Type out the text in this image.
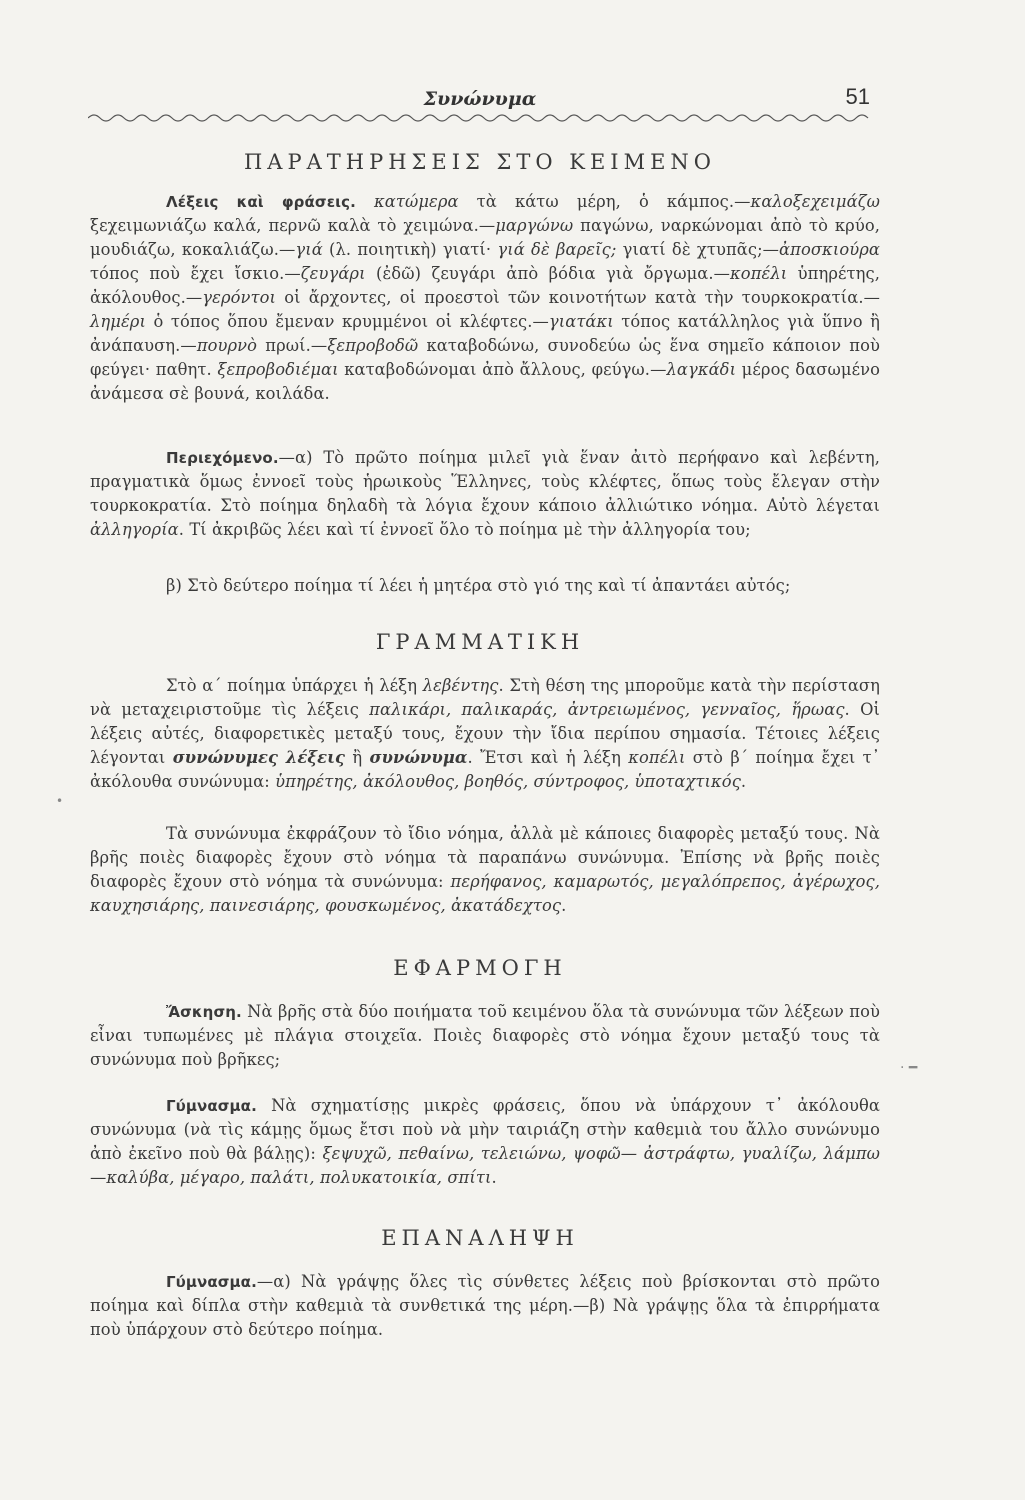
Συνώνυμα	51
ΠΑΡΑΤΗΡΗΣΕΙΣ ΣΤΟ ΚΕΙΜΕΝΟ

Λέξεις καὶ φράσεις. κατώμερα τὰ κάτω μέρη, ὁ κάμπος.—καλοξεχειμάζω ξεχειμωνιάζω καλά, περνῶ καλὰ τὸ χειμώνα.—μαργώνω παγώνω, ναρκώνομαι ἀπὸ τὸ κρύο, μουδιάζω, κοκαλιάζω.—γιά (λ. ποιητικὴ) γιατί· γιά δὲ βαρεῖς; γιατί δὲ χτυπᾶς;—ἀποσκιούρα τόπος ποὺ ἔχει ἴσκιο.—ζευγάρι (ἐδῶ) ζευγάρι ἀπὸ βόδια γιὰ ὄργωμα.—κοπέλι ὑπηρέτης, ἀκόλουθος.—γερόντοι οἱ ἄρχοντες, οἱ προεστοὶ τῶν κοινοτήτων κατὰ τὴν τουρκοκρατία.—λημέρι ὁ τόπος ὅπου ἔμεναν κρυμμένοι οἱ κλέφτες.—γιατάκι τόπος κατάλληλος γιὰ ὕπνο ἢ ἀνάπαυση.—πουρνὸ πρωί.—ξεπροβοδῶ καταβοδώνω, συνοδεύω ὡς ἕνα σημεῖο κάποιον ποὺ φεύγει· παθητ. ξεπροβοδιέμαι καταβοδώνομαι ἀπὸ ἄλλους, φεύγω.—λαγκάδι μέρος δασωμένο ἀνάμεσα σὲ βουνά, κοιλάδα.

Περιεχόμενο.—α) Τὸ πρῶτο ποίημα μιλεῖ γιὰ ἕναν ἀιτὸ περήφανο καὶ λεβέντη, πραγματικὰ ὅμως ἐννοεῖ τοὺς ἡρωικοὺς Ἕλληνες, τοὺς κλέφτες, ὅπως τοὺς ἔλεγαν στὴν τουρκοκρατία. Στὸ ποίημα δηλαδὴ τὰ λόγια ἔχουν κάποιο ἀλλιώτικο νόημα. Αὐτὸ λέγεται ἀλληγορία. Τί ἀκριβῶς λέει καὶ τί ἐννοεῖ ὅλο τὸ ποίημα μὲ τὴν ἀλληγορία του;

β) Στὸ δεύτερο ποίημα τί λέει ἡ μητέρα στὸ γιό της καὶ τί ἀπαντάει αὐτός;

ΓΡΑΜΜΑΤΙΚΗ

Στὸ α΄ ποίημα ὑπάρχει ἡ λέξη λεβέντης. Στὴ θέση της μποροῦμε κατὰ τὴν περίσταση νὰ μεταχειριστοῦμε τὶς λέξεις παλικάρι, παλικαράς, ἀντρειωμένος, γενναῖος, ἥρωας. Οἱ λέξεις αὐτές, διαφορετικὲς μεταξύ τους, ἔχουν τὴν ἴδια περίπου σημασία. Τέτοιες λέξεις λέγονται συνώνυμες λέξεις ἢ συνώνυμα. Ἔτσι καὶ ἡ λέξη κοπέλι στὸ β΄ ποίημα ἔχει τ᾽ ἀκόλουθα συνώνυμα: ὑπηρέτης, ἀκόλουθος, βοηθός, σύντροφος, ὑποταχτικός.

Τὰ συνώνυμα ἐκφράζουν τὸ ἴδιο νόημα, ἀλλὰ μὲ κάποιες διαφορὲς μεταξύ τους. Νὰ βρῆς ποιὲς διαφορὲς ἔχουν στὸ νόημα τὰ παραπάνω συνώνυμα. Ἐπίσης νὰ βρῆς ποιὲς διαφορὲς ἔχουν στὸ νόημα τὰ συνώνυμα: περήφανος, καμαρωτός, μεγαλόπρεπος, ἀγέρωχος, καυχησιάρης, παινεσιάρης, φουσκωμένος, ἀκατάδεχτος.

ΕΦΑΡΜΟΓΗ

Ἄσκηση. Νὰ βρῆς στὰ δύο ποιήματα τοῦ κειμένου ὅλα τὰ συνώνυμα τῶν λέξεων ποὺ εἶναι τυπωμένες μὲ πλάγια στοιχεῖα. Ποιὲς διαφορὲς στὸ νόημα ἔχουν μεταξύ τους τὰ συνώνυμα ποὺ βρῆκες;

Γύμνασμα. Νὰ σχηματίσῃς μικρὲς φράσεις, ὅπου νὰ ὑπάρχουν τ᾽ ἀκόλουθα συνώνυμα (νὰ τὶς κάμῃς ὅμως ἔτσι ποὺ νὰ μὴν ταιριάζη στὴν καθεμιὰ του ἄλλο συνώνυμο ἀπὸ ἐκεῖνο ποὺ θὰ βάλῃς): ξεψυχῶ, πεθαίνω, τελειώνω, ψοφῶ— ἀστράφτω, γυαλίζω, λάμπω—καλύβα, μέγαρο, παλάτι, πολυκατοικία, σπίτι.

ΕΠΑΝΑΛΗΨΗ

Γύμνασμα.—α) Νὰ γράψῃς ὅλες τὶς σύνθετες λέξεις ποὺ βρίσκονται στὸ πρῶτο ποίημα καὶ δίπλα στὴν καθεμιὰ τὰ συνθετικά της μέρη.—β) Νὰ γράψῃς ὅλα τὰ ἐπιρρήματα ποὺ ὑπάρχουν στὸ δεύτερο ποίημα.

•
· ━
